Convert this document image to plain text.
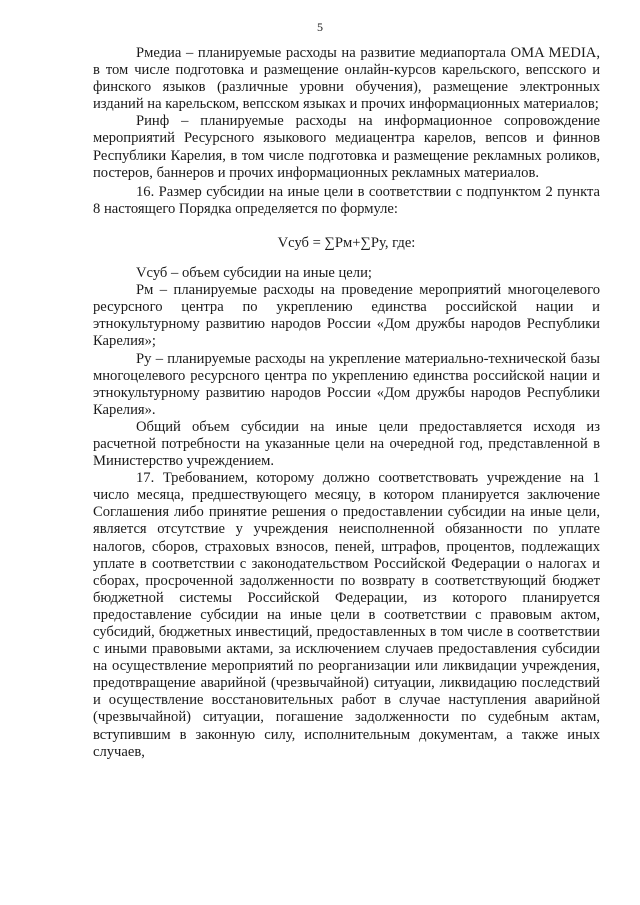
5

Рмедиа – планируемые расходы на развитие медиапортала OMA MEDIA, в том числе подготовка и размещение онлайн-курсов карельского, вепсского и финского языков (различные уровни обучения), размещение электронных изданий на карельском, вепсском языках и прочих информационных материалов;

Ринф – планируемые расходы на информационное сопровождение мероприятий Ресурсного языкового медиацентра карелов, вепсов и финнов Республики Карелия, в том числе подготовка и размещение рекламных роликов, постеров, баннеров и прочих информационных рекламных материалов.

16. Размер субсидии на иные цели в соответствии с подпунктом 2 пункта 8 настоящего Порядка определяется по формуле:

Vсуб = ∑Рм+∑Ру, где:

Vсуб – объем субсидии на иные цели;

Рм – планируемые расходы на проведение мероприятий многоцелевого ресурсного центра по укреплению единства российской нации и этнокультурному развитию народов России «Дом дружбы народов Республики Карелия»;

Ру – планируемые расходы на укрепление материально-технической базы многоцелевого ресурсного центра по укреплению единства российской нации и этнокультурному развитию народов России «Дом дружбы народов Республики Карелия».

Общий объем субсидии на иные цели предоставляется исходя из расчетной потребности на указанные цели на очередной год, представленной в Министерство учреждением.

17. Требованием, которому должно соответствовать учреждение на 1 число месяца, предшествующего месяцу, в котором планируется заключение Соглашения либо принятие решения о предоставлении субсидии на иные цели, является отсутствие у учреждения неисполненной обязанности по уплате налогов, сборов, страховых взносов, пеней, штрафов, процентов, подлежащих уплате в соответствии с законодательством Российской Федерации о налогах и сборах, просроченной задолженности по возврату в соответствующий бюджет бюджетной системы Российской Федерации, из которого планируется предоставление субсидии на иные цели в соответствии с правовым актом, субсидий, бюджетных инвестиций, предоставленных в том числе в соответствии с иными правовыми актами, за исключением случаев предоставления субсидии на осуществление мероприятий по реорганизации или ликвидации учреждения, предотвращение аварийной (чрезвычайной) ситуации, ликвидацию последствий и осуществление восстановительных работ в случае наступления аварийной (чрезвычайной) ситуации, погашение задолженности по судебным актам, вступившим в законную силу, исполнительным документам, а также иных случаев,
